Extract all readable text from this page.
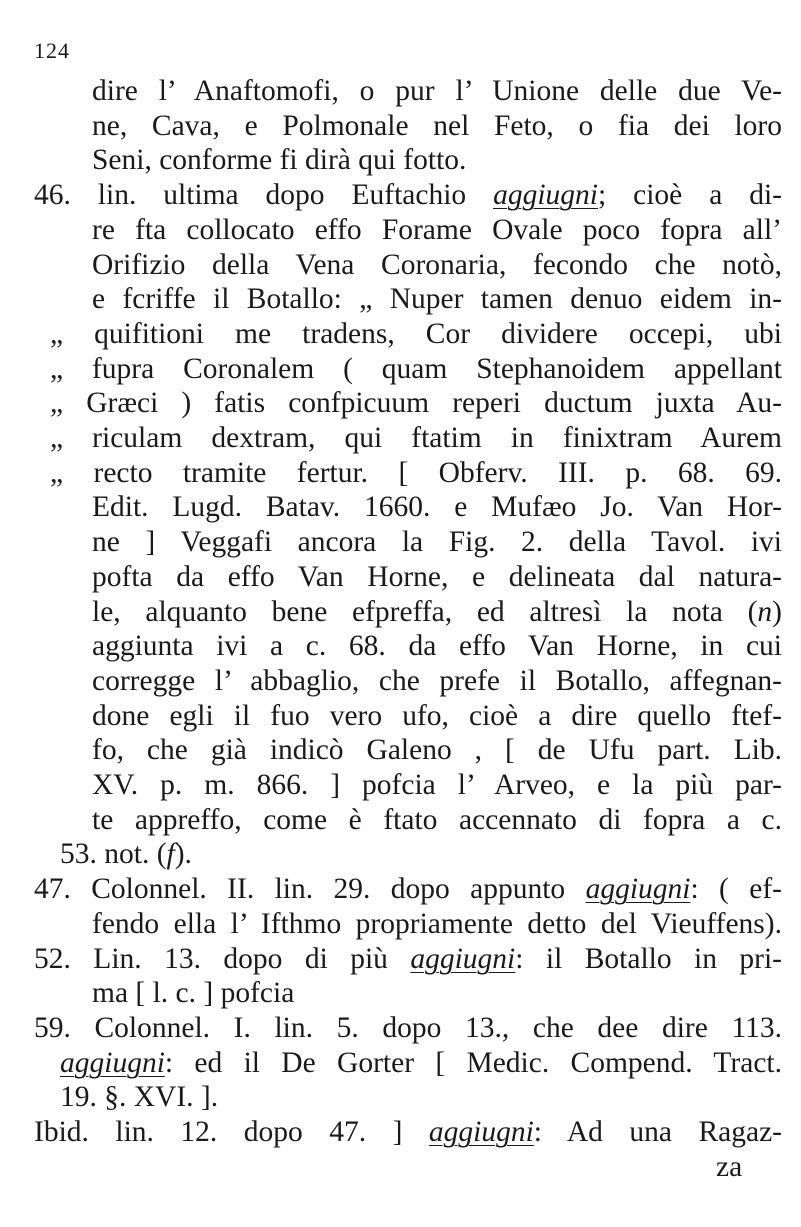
124
dire l’ Anaftomofi, o pur l’ Unione delle due Ve-
ne, Cava, e Polmonale nel Feto, o fia dei loro
Seni, conforme fi dirà qui fotto.
46. lin. ultima dopo Euftachio aggiugni; cioè a di-
re fta collocato effo Forame Ovale poco fopra all’
Orifizio della Vena Coronaria, fecondo che notò,
e fcriffe il Botallo: „ Nuper tamen denuo eidem in-
„ quifitioni me tradens, Cor dividere occepi, ubi
„ fupra Coronalem ( quam Stephanoidem appellant
„ Græci ) fatis confpicuum reperi ductum juxta Au-
„ riculam dextram, qui ftatim in finixtram Aurem
„ recto tramite fertur. [ Obferv. III. p. 68. 69.
Edit. Lugd. Batav. 1660. e Mufæo Jo. Van Hor-
ne ] Veggafi ancora la Fig. 2. della Tavol. ivi
pofta da effo Van Horne, e delineata dal natura-
le, alquanto bene efpreffa, ed altresì la nota (n)
aggiunta ivi a c. 68. da effo Van Horne, in cui
corregge l’ abbaglio, che prefe il Botallo, affegnan-
done egli il fuo vero ufo, cioè a dire quello ftef-
fo, che già indicò Galeno , [ de Ufu part. Lib.
XV. p. m. 866. ] pofcia l’ Arveo, e la più par-
te appreffo, come è ftato accennato di fopra a c.
53. not. (f).
47. Colonnel. II. lin. 29. dopo appunto aggiugni: ( ef-
fendo ella l’ Ifthmo propriamente detto del Vieuffens).
52. Lin. 13. dopo di più aggiugni: il Botallo in pri-
ma [ l. c. ] pofcia
59. Colonnel. I. lin. 5. dopo 13., che dee dire 113.
aggiugni: ed il De Gorter [ Medic. Compend. Tract.
19. §. XVI. ].
Ibid. lin. 12. dopo 47. ] aggiugni: Ad una Ragaz-
za
